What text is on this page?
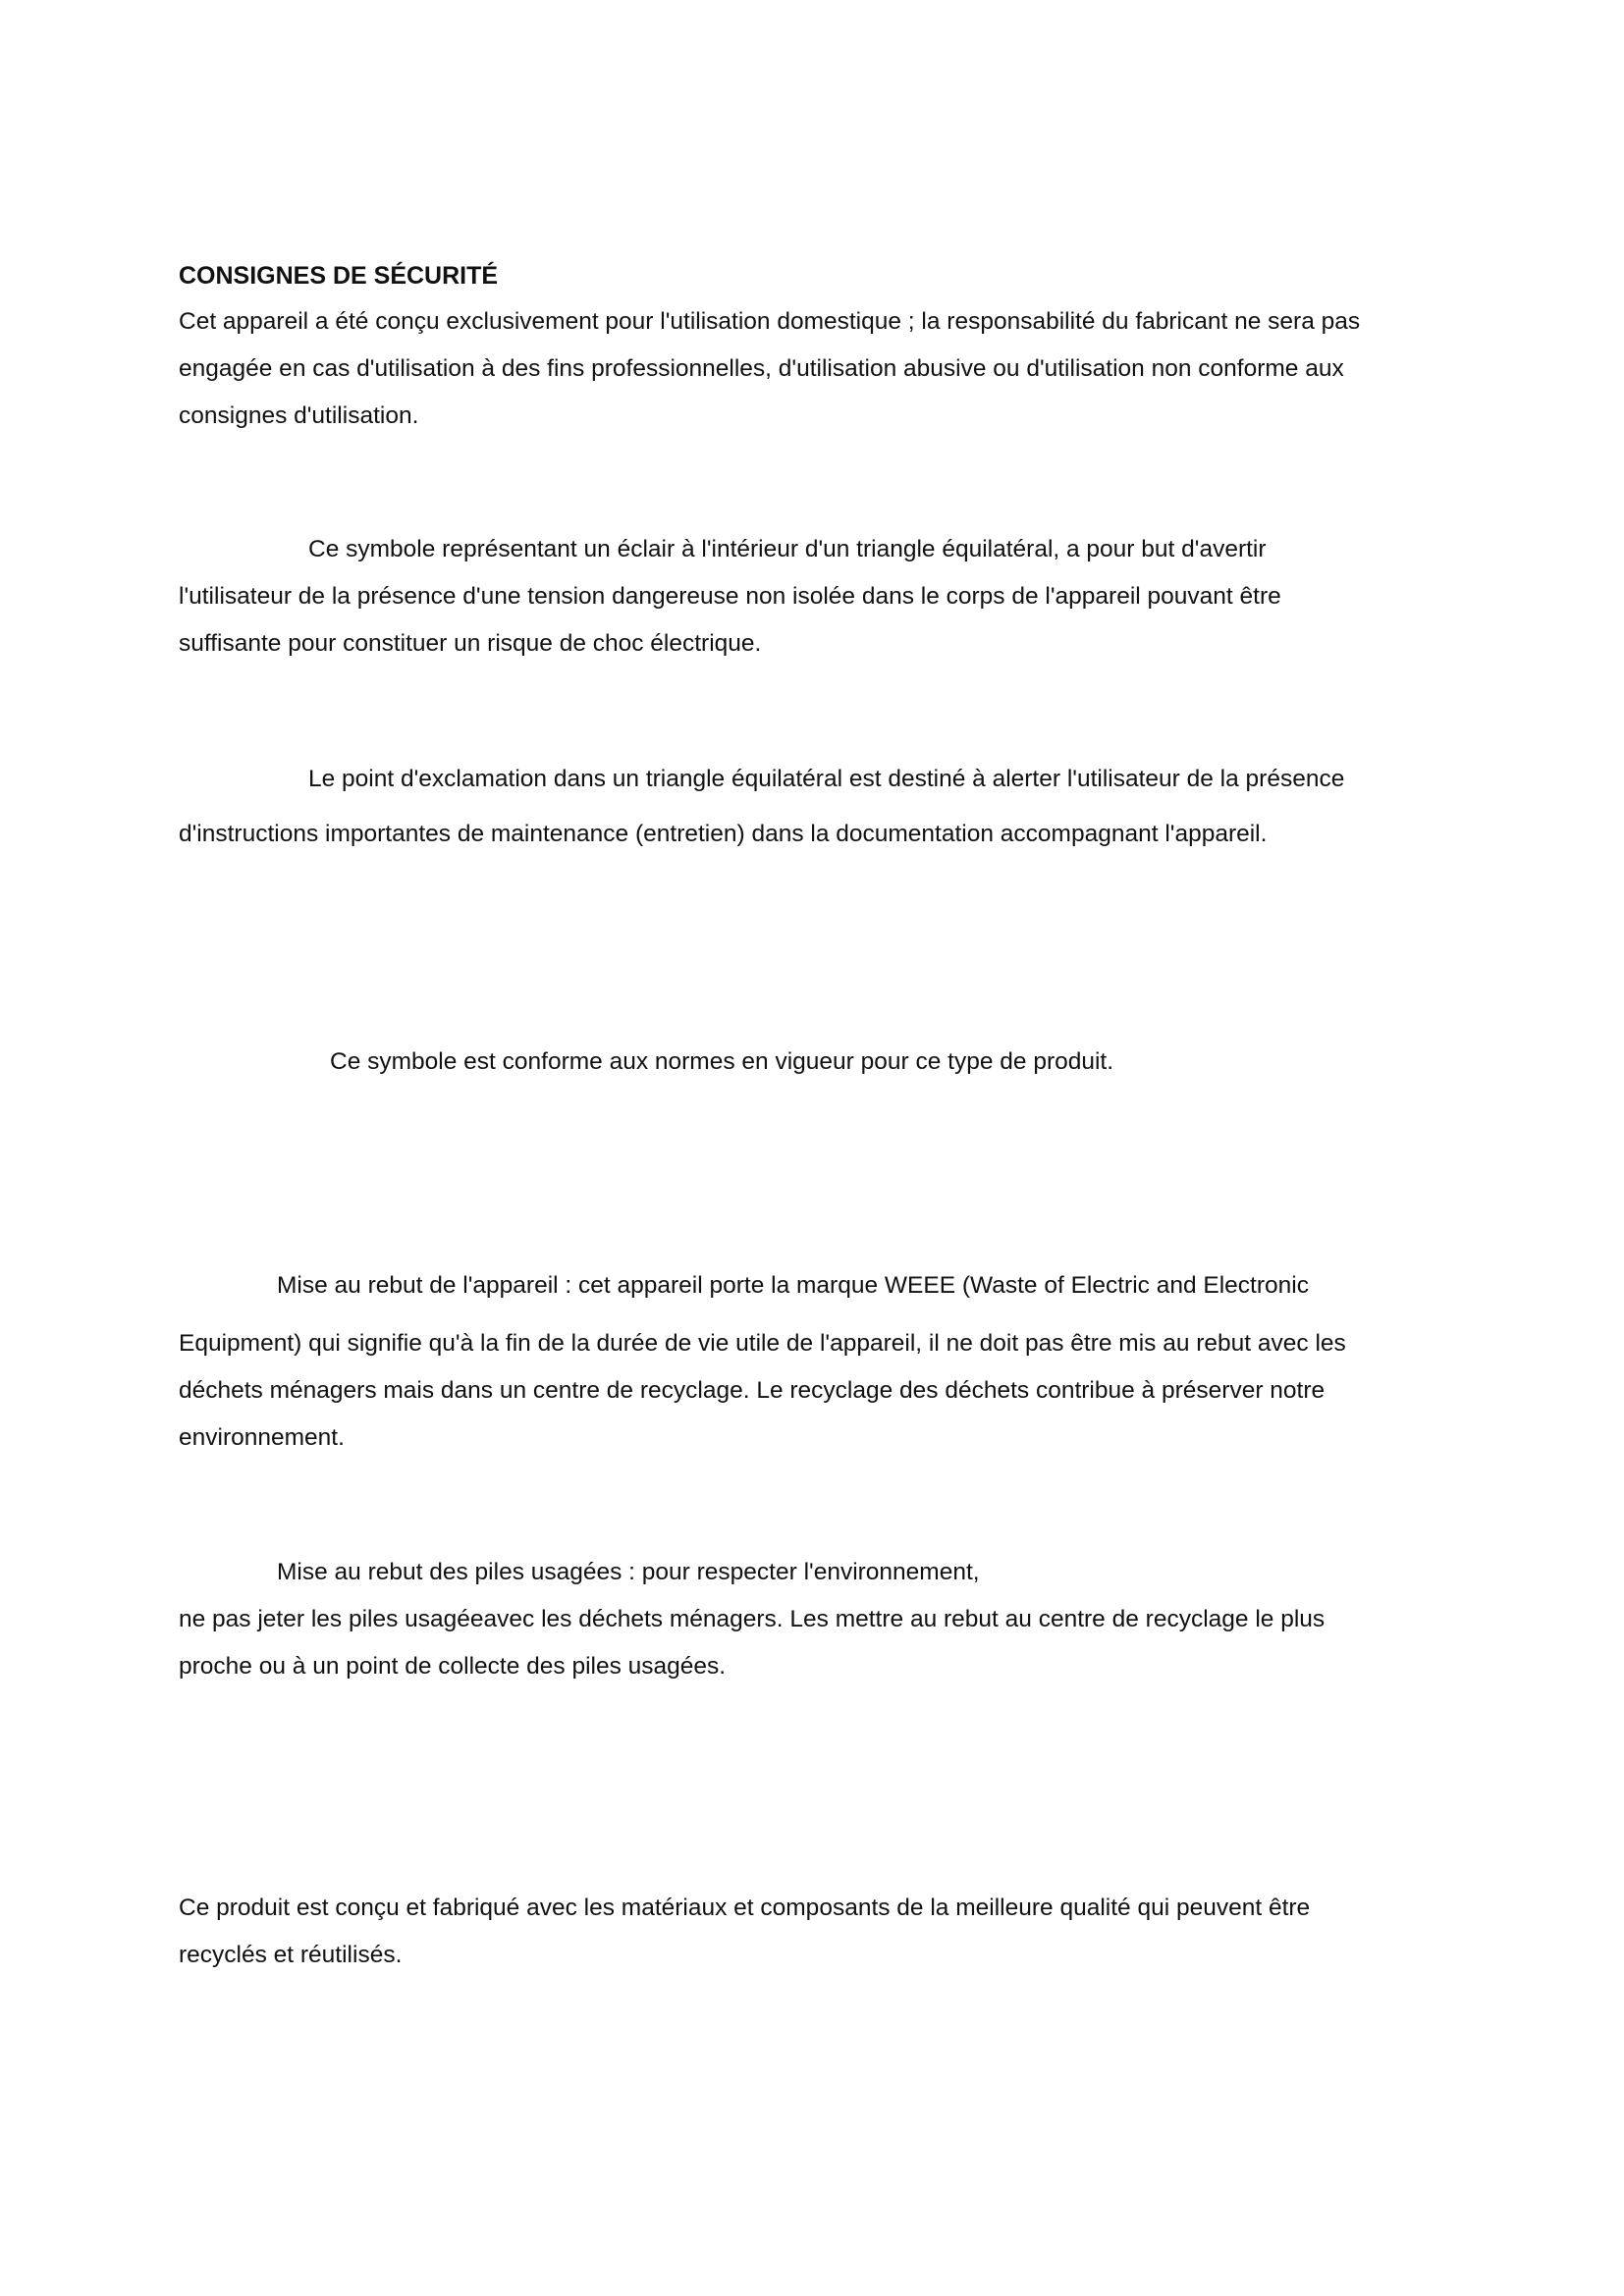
CONSIGNES DE SÉCURITÉ

Cet appareil a été conçu exclusivement pour l'utilisation domestique ; la responsabilité du fabricant ne sera pas
engagée en cas d'utilisation à des fins professionnelles, d'utilisation abusive ou d'utilisation non conforme aux
consignes d'utilisation.

Ce symbole représentant un éclair à l'intérieur d'un triangle équilatéral, a pour but d'avertir
l'utilisateur de la présence d'une tension dangereuse non isolée dans le corps de l'appareil pouvant être
suffisante pour constituer un risque de choc électrique.

Le point d'exclamation dans un triangle équilatéral est destiné à alerter l'utilisateur de la présence
d'instructions importantes de maintenance (entretien) dans la documentation accompagnant l'appareil.

Ce symbole est conforme aux normes en vigueur pour ce type de produit.

Mise au rebut de l'appareil : cet appareil porte la marque WEEE (Waste of Electric and Electronic
Equipment) qui signifie qu'à la fin de la durée de vie utile de l'appareil, il ne doit pas être mis au rebut avec les
déchets ménagers mais dans un centre de recyclage. Le recyclage des déchets contribue à préserver notre
environnement.

Mise au rebut des piles usagées : pour respecter l'environnement,
ne pas jeter les piles usagéeavec les déchets ménagers. Les mettre au rebut au centre de recyclage le plus
proche ou à un point de collecte des piles usagées.

Ce produit est conçu et fabriqué avec les matériaux et composants de la meilleure qualité qui peuvent être
recyclés et réutilisés.
